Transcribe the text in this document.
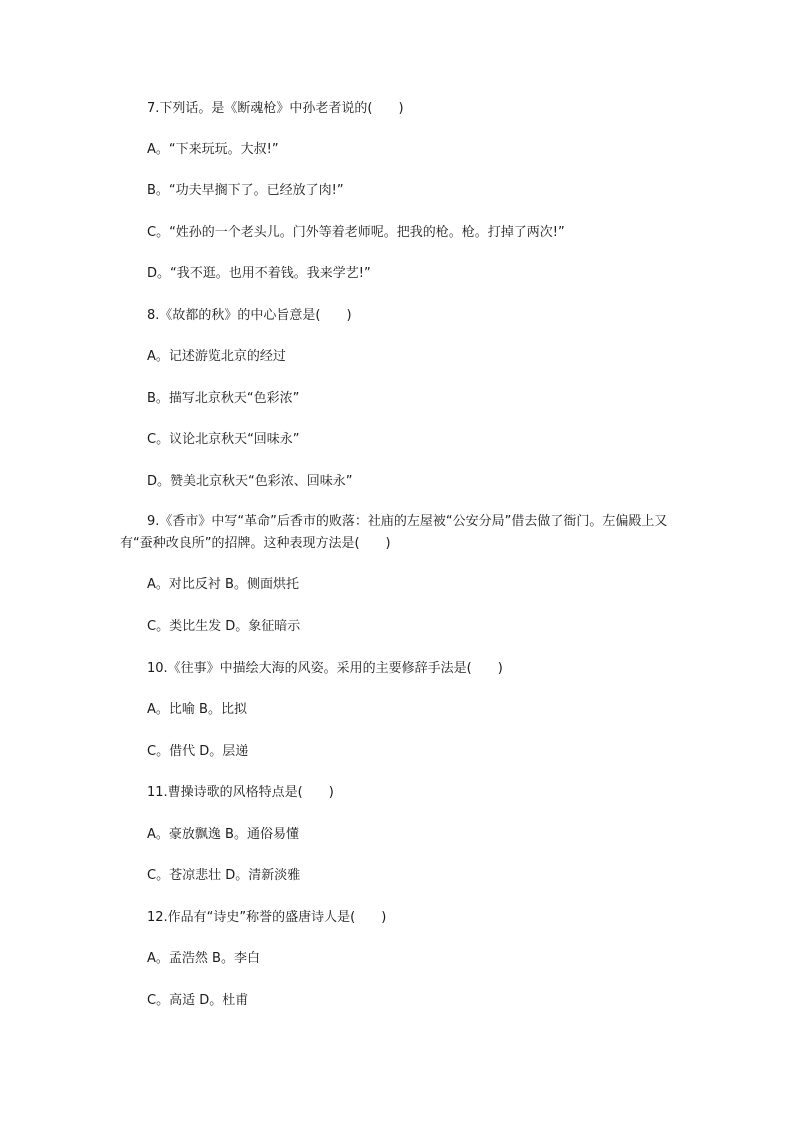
7.下列话。是《断魂枪》中孙老者说的(　　)
A。“下来玩玩。大叔!”
B。“功夫早搁下了。已经放了肉!”
C。“姓孙的一个老头儿。门外等着老师呢。把我的枪。枪。打掉了两次!”
D。“我不逛。也用不着钱。我来学艺!”
8.《故都的秋》的中心旨意是(　　)
A。记述游览北京的经过
B。描写北京秋天“色彩浓”
C。议论北京秋天“回味永”
D。赞美北京秋天“色彩浓、回味永”
9.《香市》中写“革命”后香市的败落：社庙的左屋被“公安分局”借去做了衙门。左偏殿上又有“蚕种改良所”的招牌。这种表现方法是(　　)
A。对比反衬 B。侧面烘托
C。类比生发 D。象征暗示
10.《往事》中描绘大海的风姿。采用的主要修辞手法是(　　)
A。比喻 B。比拟
C。借代 D。层递
11.曹操诗歌的风格特点是(　　)
A。豪放飘逸 B。通俗易懂
C。苍凉悲壮 D。清新淡雅
12.作品有“诗史”称誉的盛唐诗人是(　　)
A。孟浩然 B。李白
C。高适 D。杜甫
